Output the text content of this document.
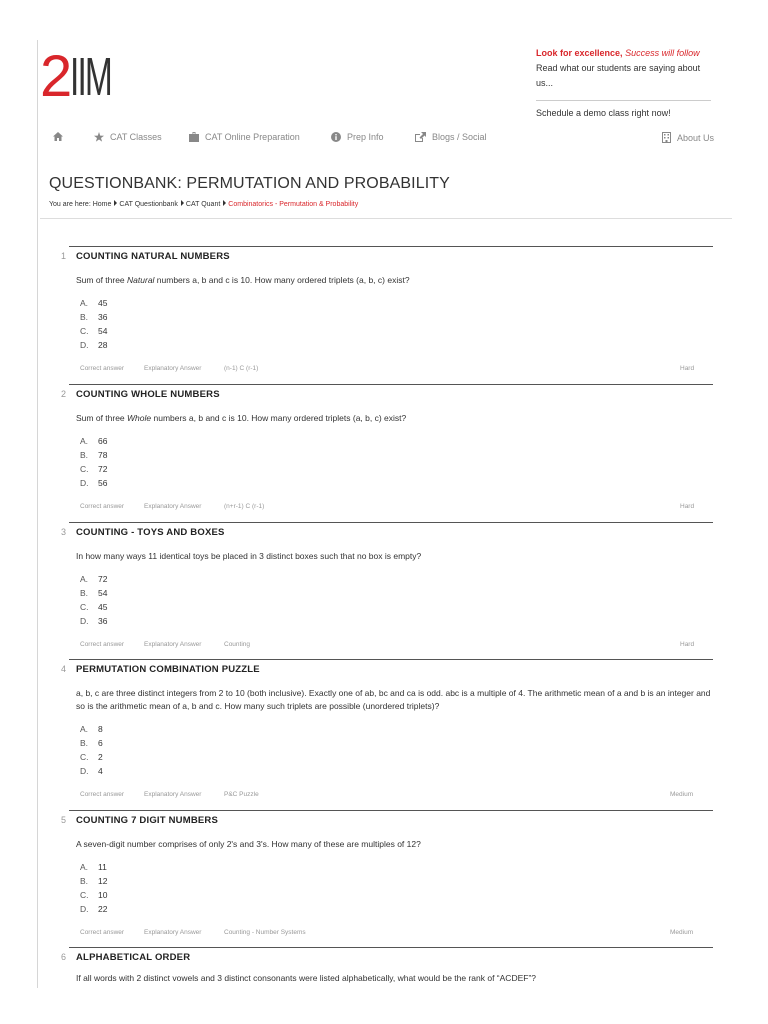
2 IIM	Look for excellence, Success will follow
Read what our students are saying about us...
Schedule a demo class right now!
CAT Classes	CAT Online Preparation	Prep Info	Blogs / Social	About Us
QUESTIONBANK: PERMUTATION AND PROBABILITY
You are here: Home CAT Questionbank CAT Quant Combinatorics - Permutation & Probability
1	COUNTING NATURAL NUMBERS
Sum of three Natural numbers a, b and c is 10. How many ordered triplets (a, b, c) exist?
A.	45
B.	36
C.	54
D.	28
Correct answer	Explanatory Answer	(n-1) C (r-1)	Hard
2	COUNTING WHOLE NUMBERS
Sum of three Whole numbers a, b and c is 10. How many ordered triplets (a, b, c) exist?
A.	66
B.	78
C.	72
D.	56
Correct answer	Explanatory Answer	(n+r-1) C (r-1)	Hard
3	COUNTING - TOYS AND BOXES
In how many ways 11 identical toys be placed in 3 distinct boxes such that no box is empty?
A.	72
B.	54
C.	45
D.	36
Correct answer	Explanatory Answer	Counting	Hard
4	PERMUTATION COMBINATION PUZZLE
a, b, c are three distinct integers from 2 to 10 (both inclusive). Exactly one of ab, bc and ca is odd. abc is a multiple of 4. The arithmetic mean of a and b is an integer and so is the arithmetic mean of a, b and c. How many such triplets are possible (unordered triplets)?
A.	8
B.	6
C.	2
D.	4
Correct answer	Explanatory Answer	P&C Puzzle	Medium
5	COUNTING 7 DIGIT NUMBERS
A seven-digit number comprises of only 2's and 3's. How many of these are multiples of 12?
A.	11
B.	12
C.	10
D.	22
Correct answer	Explanatory Answer	Counting - Number Systems	Medium
6	ALPHABETICAL ORDER
If all words with 2 distinct vowels and 3 distinct consonants were listed alphabetically, what would be the rank of “ACDEF”?
